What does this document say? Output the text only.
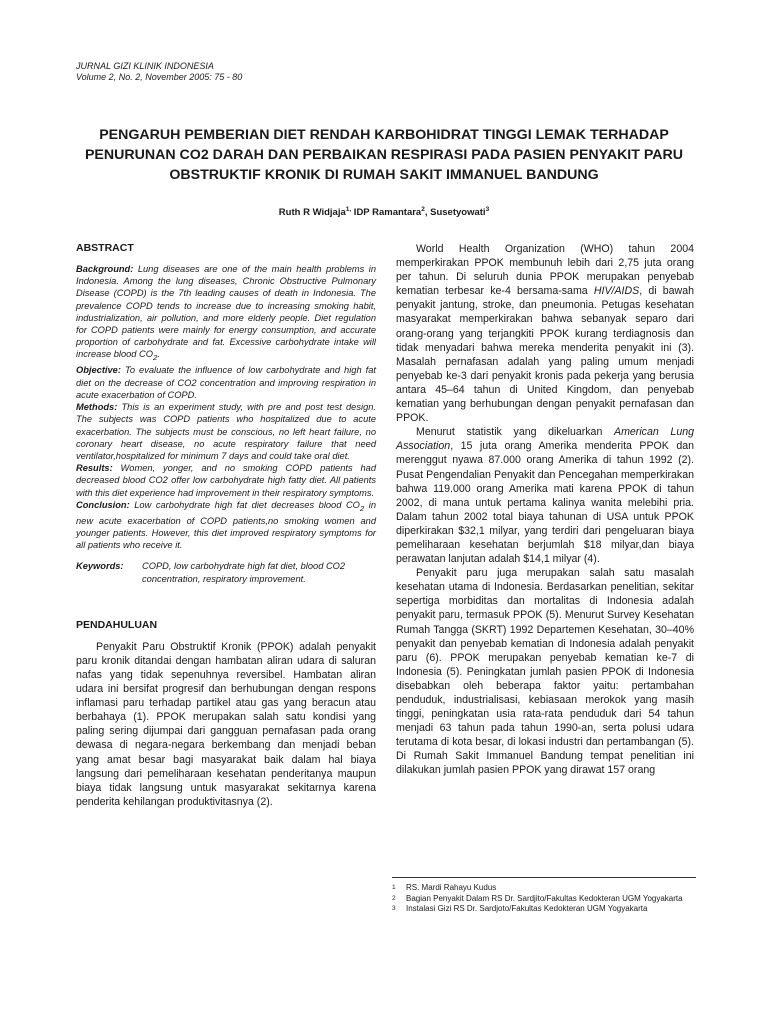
JURNAL GIZI KLINIK INDONESIA
Volume 2, No. 2, November 2005: 75 - 80
PENGARUH PEMBERIAN DIET RENDAH KARBOHIDRAT TINGGI LEMAK TERHADAP PENURUNAN CO2 DARAH DAN PERBAIKAN RESPIRASI PADA PASIEN PENYAKIT PARU OBSTRUKTIF KRONIK DI RUMAH SAKIT IMMANUEL BANDUNG
Ruth R Widjaja$^{1,}$ IDP Ramantara$^2$, Susetyowati$^3$
ABSTRACT

Background: Lung diseases are one of the main health problems in Indonesia. Among the lung diseases, Chronic Obstructive Pulmonary Disease (COPD) is the 7th leading causes of death in Indonesia. The prevalence COPD tends to increase due to increasing smoking habit, industrialization, air pollution, and more elderly people. Diet regulation for COPD patients were mainly for energy consumption, and accurate proportion of carbohydrate and fat. Excessive carbohydrate intake will increase blood $CO_2$.

Objective: To evaluate the influence of low carbohydrate and high fat diet on the decrease of CO2 concentration and improving respiration in acute exacerbation of COPD.

Methods: This is an experiment study, with pre and post test design. The subjects was COPD patients who hospitalized due to acute exacerbation. The subjects must be conscious, no left heart failure, no coronary heart disease, no acute respiratory failure that need ventilator,hospitalized for minimum 7 days and could take oral diet.

Results: Women, yonger, and no smoking COPD patients had decreased blood CO2 offer low carbohydrate high fatty diet. All patients with this diet experience had improvement in their respiratory symptoms.

Conclusion: Low carbohydrate high fat diet decreases blood $CO_2$ in new acute exacerbation of COPD patients,no smoking women and younger patients. However, this diet improved respiratory symptoms for all patients who receive it.

Keywords:	COPD, low carbohydrate high fat diet, blood CO2 concentration, respiratory improvement.
PENDAHULUAN

Penyakit Paru Obstruktif Kronik (PPOK) adalah penyakit paru kronik ditandai dengan hambatan aliran udara di saluran nafas yang tidak sepenuhnya reversibel. Hambatan aliran udara ini bersifat progresif dan berhubungan dengan respons inflamasi paru terhadap partikel atau gas yang beracun atau berbahaya (1). PPOK merupakan salah satu kondisi yang paling sering dijumpai dari gangguan pernafasan pada orang dewasa di negara-negara berkembang dan menjadi beban yang amat besar bagi masyarakat baik dalam hal biaya langsung dari pemeliharaan kesehatan penderitanya maupun biaya tidak langsung untuk masyarakat sekitarnya karena penderita kehilangan produktivitasnya (2).

World Health Organization (WHO) tahun 2004 memperkirakan PPOK membunuh lebih dari 2,75 juta orang per tahun. Di seluruh dunia PPOK merupakan penyebab kematian terbesar ke-4 bersama-sama HIV/AIDS, di bawah penyakit jantung, stroke, dan pneumonia. Petugas kesehatan masyarakat memperkirakan bahwa sebanyak separo dari orang-orang yang terjangkiti PPOK kurang terdiagnosis dan tidak menyadari bahwa mereka menderita penyakit ini (3). Masalah pernafasan adalah yang paling umum menjadi penyebab ke-3 dari penyakit kronis pada pekerja yang berusia antara 45–64 tahun di United Kingdom, dan penyebab kematian yang berhubungan dengan penyakit pernafasan dan PPOK.

Menurut statistik yang dikeluarkan American Lung Association, 15 juta orang Amerika menderita PPOK dan merenggut nyawa 87.000 orang Amerika di tahun 1992 (2). Pusat Pengendalian Penyakit dan Pencegahan memperkirakan bahwa 119.000 orang Amerika mati karena PPOK di tahun 2002, di mana untuk pertama kalinya wanita melebihi pria. Dalam tahun 2002 total biaya tahunan di USA untuk PPOK diperkirakan $32,1 milyar, yang terdiri dari pengeluaran biaya pemeliharaan kesehatan berjumlah $18 milyar,dan biaya perawatan lanjutan adalah $14,1 milyar (4).

Penyakit paru juga merupakan salah satu masalah kesehatan utama di Indonesia. Berdasarkan penelitian, sekitar sepertiga morbiditas dan mortalitas di Indonesia adalah penyakit paru, termasuk PPOK (5). Menurut Survey Kesehatan Rumah Tangga (SKRT) 1992 Departemen Kesehatan, 30–40% penyakit dan penyebab kematian di Indonesia adalah penyakit paru (6). PPOK merupakan penyebab kematian ke-7 di Indonesia (5). Peningkatan jumlah pasien PPOK di Indonesia disebabkan oleh beberapa faktor yaitu: pertambahan penduduk, industrialisasi, kebiasaan merokok yang masih tinggi, peningkatan usia rata-rata penduduk dari 54 tahun menjadi 63 tahun pada tahun 1990-an, serta polusi udara terutama di kota besar, di lokasi industri dan pertambangan (5). Di Rumah Sakit Immanuel Bandung tempat penelitian ini dilakukan jumlah pasien PPOK yang dirawat 157 orang

1	RS. Mardi Rahayu Kudus
2	Bagian Penyakit Dalam RS Dr. Sardjito/Fakultas Kedokteran UGM Yogyakarta
3	Instalasi Gizi RS Dr. Sardjoto/Fakultas Kedokteran UGM Yogyakarta
